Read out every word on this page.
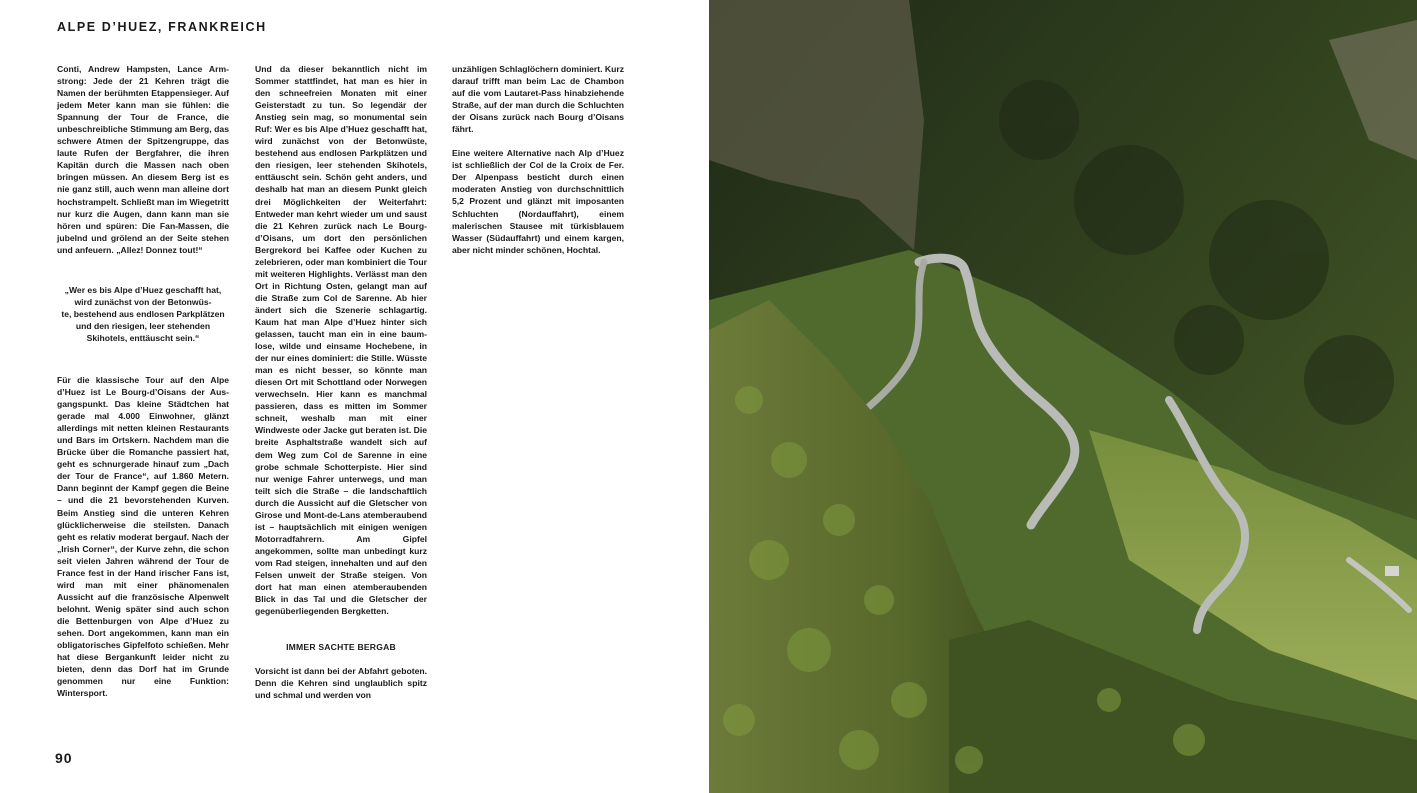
ALPE D’HUEZ, FRANKREICH

Conti, Andrew Hampsten, Lance Armstrong: Jede der 21 Kehren trägt die Namen der berühmten Etappensieger. Auf jedem Meter kann man sie fühlen: die Spannung der Tour de France, die unbeschreibliche Stimmung am Berg, das schwere Atmen der Spitzengruppe, das laute Rufen der Bergfahrer, die ihren Kapitän durch die Massen nach oben bringen müssen. An diesem Berg ist es nie ganz still, auch wenn man alleine dort hochstrampelt. Schließt man im Wiegetritt nur kurz die Augen, dann kann man sie hören und spüren: Die Fan-Massen, die jubelnd und grölend an der Seite stehen und anfeuern. „Allez! Donnez tout!“

„Wer es bis Alpe d’Huez geschafft hat, wird zunächst von der Betonwüs-
te, bestehend aus endlosen Parkplätzen und den riesigen, leer stehenden Skihotels, enttäuscht sein.“

Für die klassische Tour auf den Alpe d’Huez ist Le Bourg-d’Oisans der Ausgangspunkt. Das kleine Städtchen hat gerade mal 4.000 Einwohner, glänzt allerdings mit netten kleinen Restaurants und Bars im Ortskern. Nachdem man die Brücke über die Romanche passiert hat, geht es schnurgerade hinauf zum „Dach der Tour de France“, auf 1.860 Metern. Dann beginnt der Kampf gegen die Beine – und die 21 bevorstehenden Kurven. Beim Anstieg sind die unteren Kehren glücklicherweise die steilsten. Danach geht es relativ moderat bergauf. Nach der „Irish Corner“, der Kurve zehn, die schon seit vielen Jahren während der Tour de France fest in der Hand irischer Fans ist, wird man mit einer phänomenalen Aussicht auf die französische Alpenwelt belohnt. Wenig später sind auch schon die Bettenburgen von Alpe d’Huez zu sehen. Dort angekommen, kann man ein obligatorisches Gipfelfoto schießen. Mehr hat diese Bergankunft leider nicht zu bieten, denn das Dorf hat im Grunde genommen nur eine Funktion: Wintersport.

Und da dieser bekanntlich nicht im Sommer stattfindet, hat man es hier in den schneefreien Monaten mit einer Geisterstadt zu tun. So legendär der Anstieg sein mag, so monumental sein Ruf: Wer es bis Alpe d’Huez geschafft hat, wird zunächst von der Betonwüste, bestehend aus endlosen Parkplätzen und den riesigen, leer stehenden Skihotels, enttäuscht sein. Schön geht anders, und deshalb hat man an diesem Punkt gleich drei Möglichkeiten der Weiterfahrt: Entweder man kehrt wieder um und saust die 21 Kehren zurück nach Le Bourg-d’Oisans, um dort den persönlichen Bergrekord bei Kaffee oder Kuchen zu zelebrieren, oder man kombiniert die Tour mit weiteren Highlights. Verlässt man den Ort in Richtung Osten, gelangt man auf die Straße zum Col de Sarenne. Ab hier ändert sich die Szenerie schlagartig. Kaum hat man Alpe d’Huez hinter sich gelassen, taucht man ein in eine baumlose, wilde und einsame Hochebene, in der nur eines dominiert: die Stille. Wüsste man es nicht besser, so könnte man diesen Ort mit Schottland oder Norwegen verwechseln. Hier kann es manchmal passieren, dass es mitten im Sommer schneit, weshalb man mit einer Windweste oder Jacke gut beraten ist. Die breite Asphaltstraße wandelt sich auf dem Weg zum Col de Sarenne in eine grobe schmale Schotterpiste. Hier sind nur wenige Fahrer unterwegs, und man teilt sich die Straße – die landschaftlich durch die Aussicht auf die Gletscher von Girose und Mont-de-Lans atemberaubend ist – hauptsächlich mit einigen wenigen Motorradfahrern. Am Gipfel angekommen, sollte man unbedingt kurz vom Rad steigen, innehalten und auf den Felsen unweit der Straße steigen. Von dort hat man einen atemberaubenden Blick in das Tal und die Gletscher der gegenüberliegenden Bergketten.

IMMER SACHTE BERGAB

Vorsicht ist dann bei der Abfahrt geboten. Denn die Kehren sind unglaublich spitz und schmal und werden von

unzähligen Schlaglöchern dominiert. Kurz darauf trifft man beim Lac de Chambon auf die vom Lautaret-Pass hinabziehende Straße, auf der man durch die Schluchten der Oisans zurück nach Bourg d’Oisans fährt.

Eine weitere Alternative nach Alp d’Huez ist schließlich der Col de la Croix de Fer. Der Alpenpass besticht durch einen moderaten Anstieg von durchschnittlich 5,2 Prozent und glänzt mit imposanten Schluchten (Nordauffahrt), einem malerischen Stausee mit türkisblauem Wasser (Südauffahrt) und einem kargen, aber nicht minder schönen, Hochtal.

90
